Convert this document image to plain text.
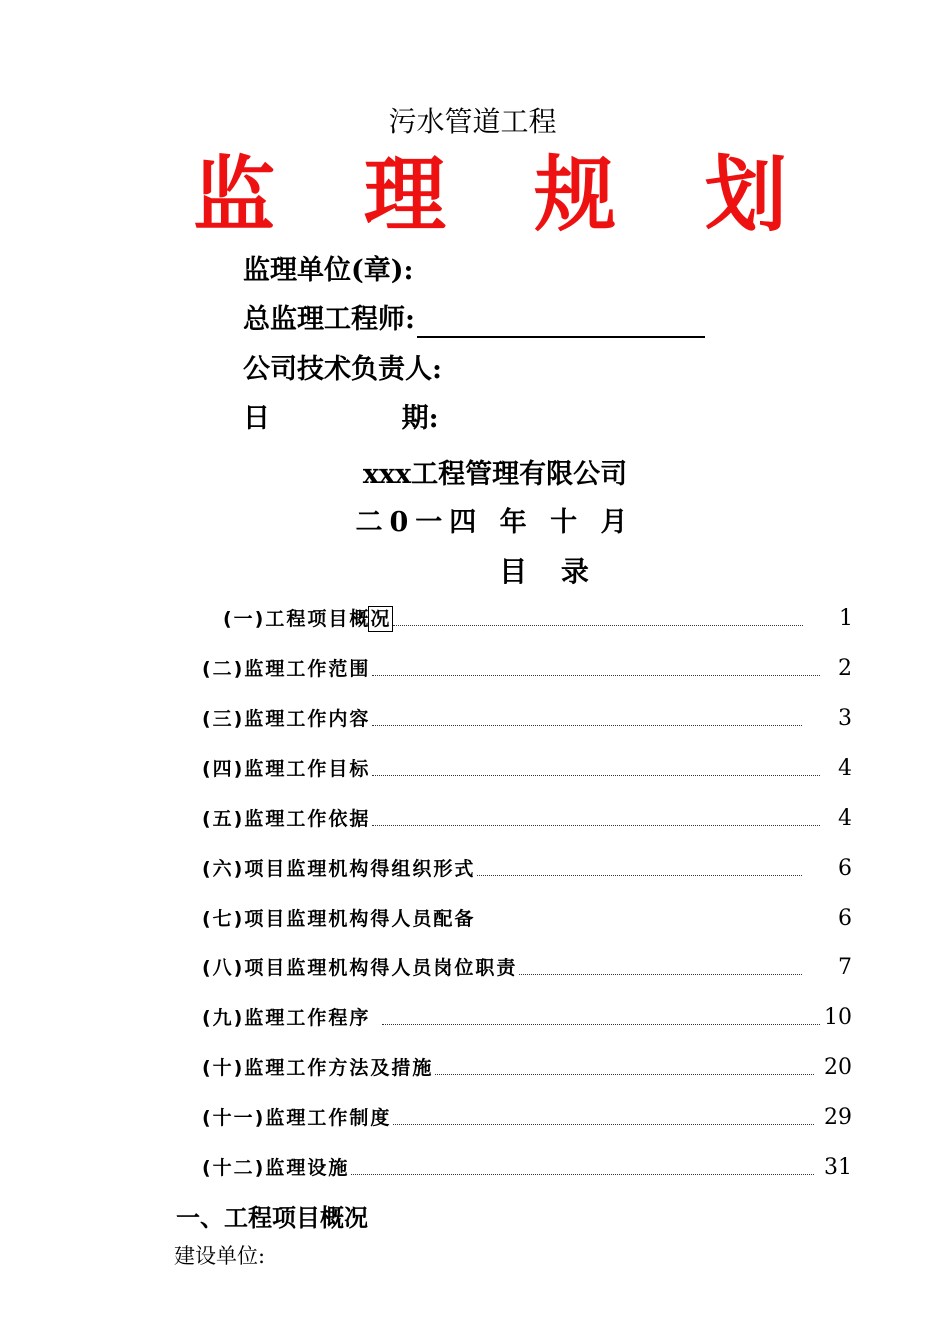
污水管道工程
监 理 规 划
监理单位(章):
总监理工程师:
公司技术负责人:
日              期:
xxx工程管理有限公司
二0一四 年 十 月
目 录
(一)工程项目概况	1
(二)监理工作范围	2
(三)监理工作内容	3
(四)监理工作目标	4
(五)监理工作依据	4
(六)项目监理机构得组织形式	6
(七)项目监理机构得人员配备	6
(八)项目监理机构得人员岗位职责	7
(九)监理工作程序	10
(十)监理工作方法及措施	20
(十一)监理工作制度	29
(十二)监理设施	31
一、工程项目概况
建设单位:
